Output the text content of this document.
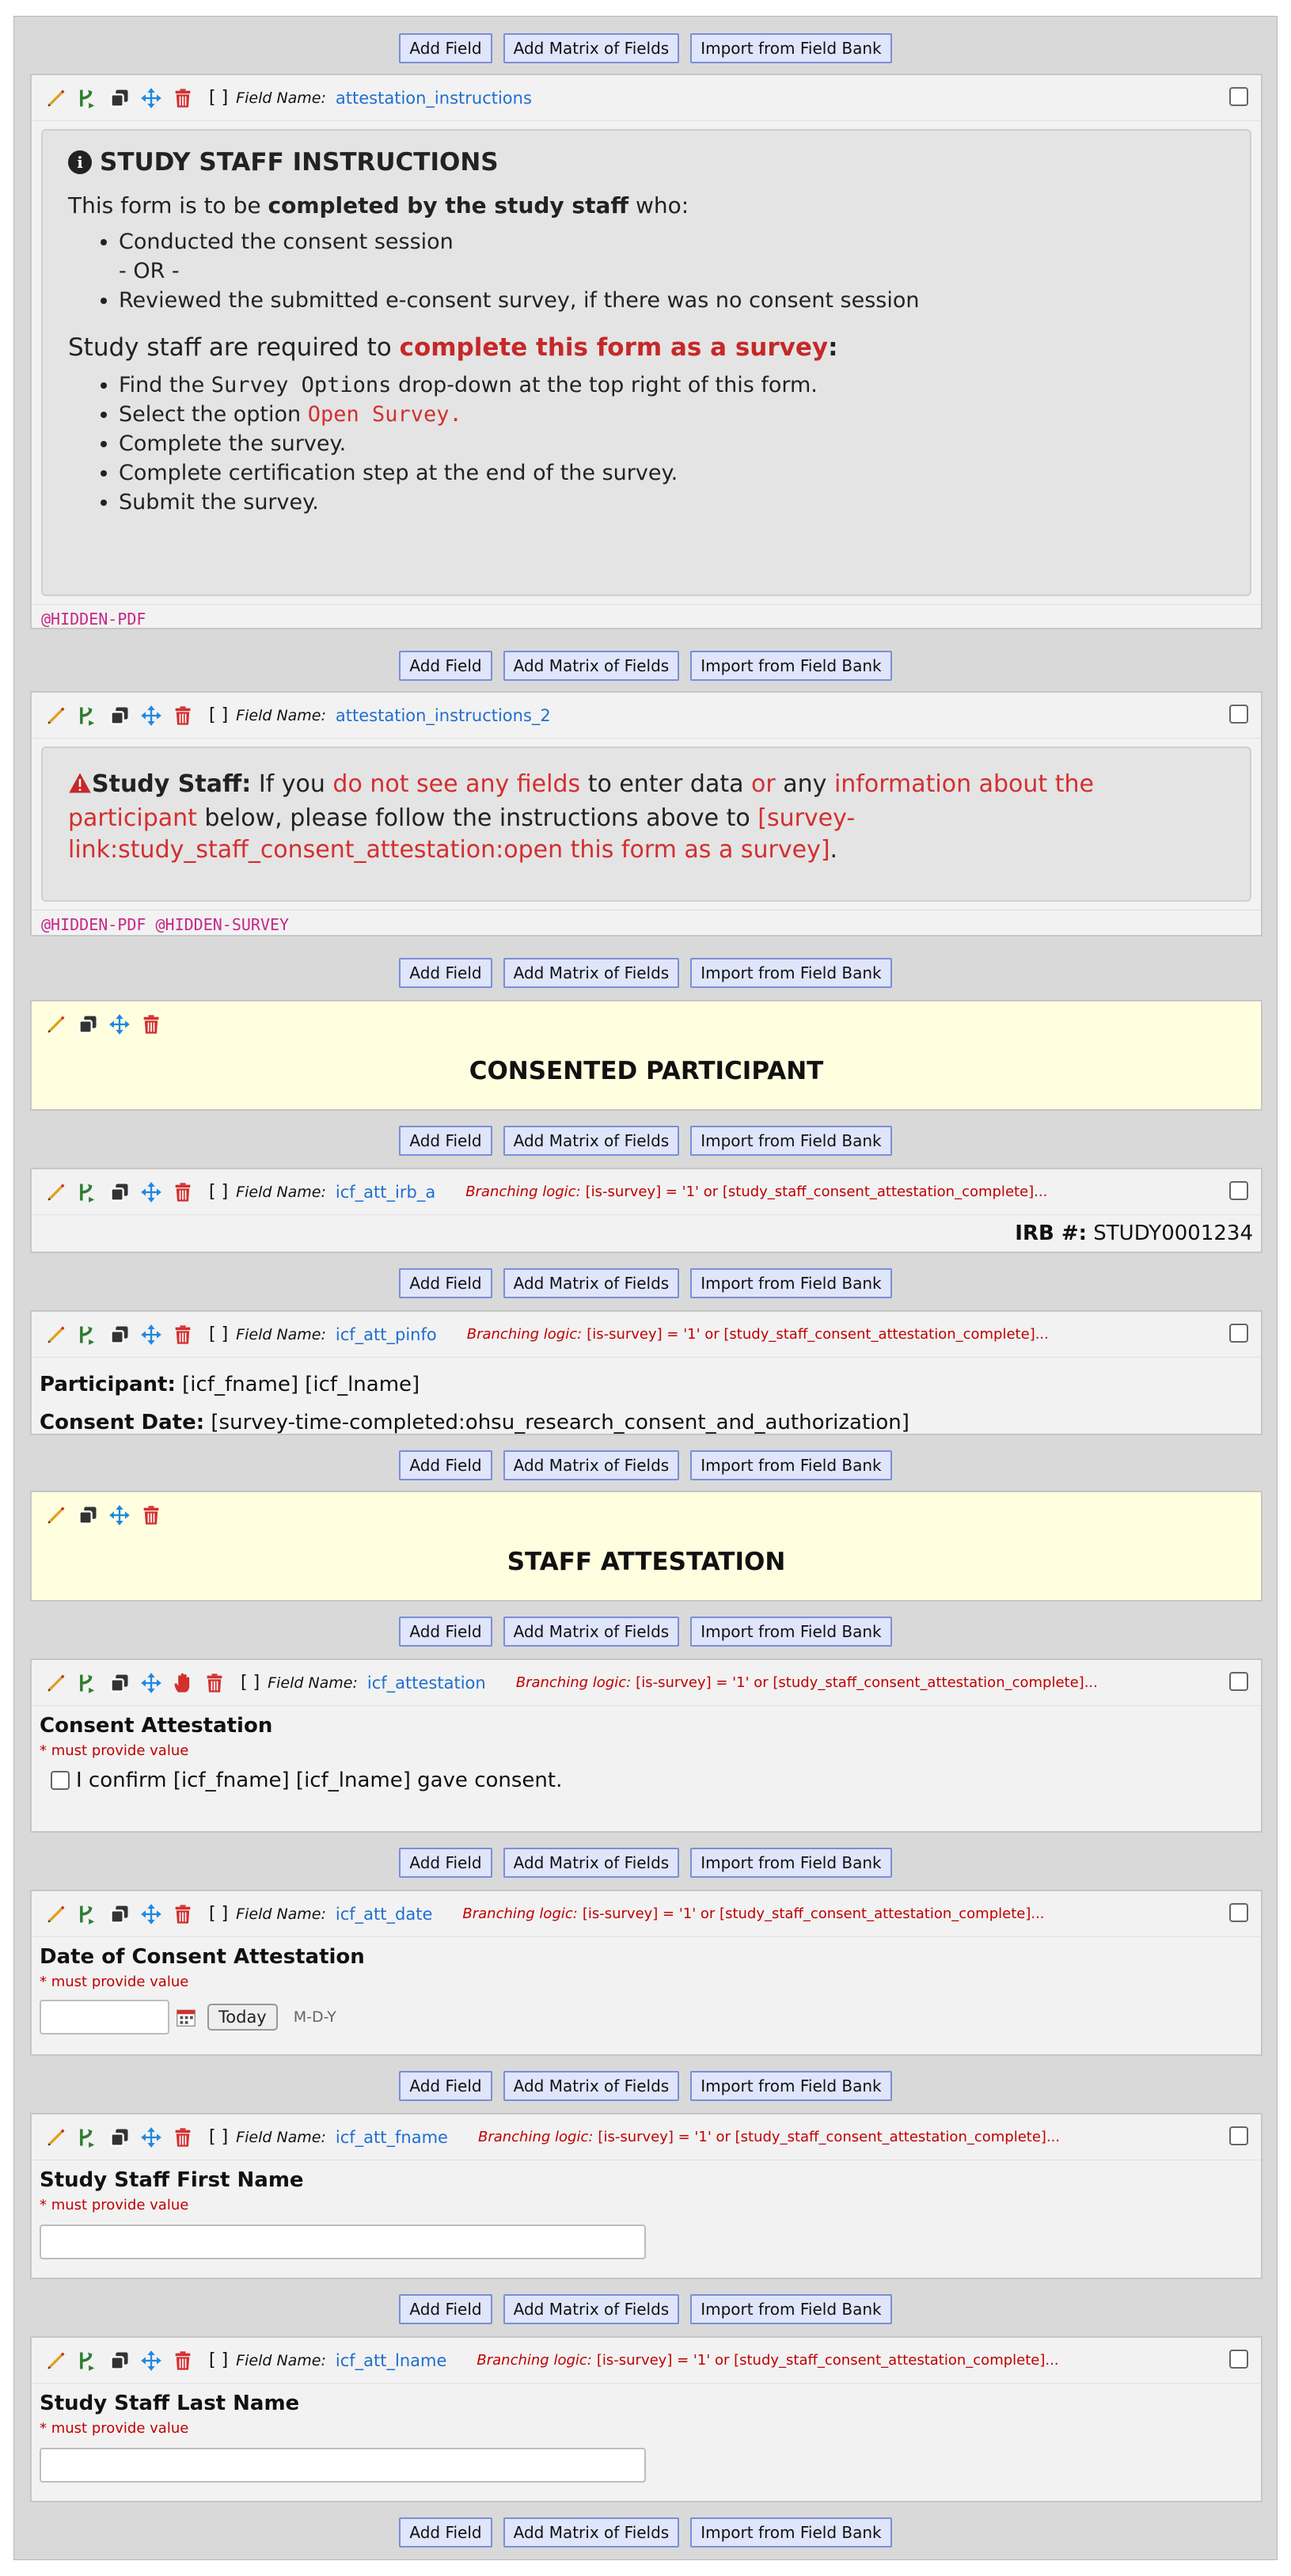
Add Field	Add Matrix of Fields	Import from Field Bank
[ ] Field Name: attestation_instructions
i STUDY STAFF INSTRUCTIONS
This form is to be completed by the study staff who:
• Conducted the consent session
- OR -
• Reviewed the submitted e-consent survey, if there was no consent session
Study staff are required to complete this form as a survey:
• Find the Survey Options drop-down at the top right of this form.
• Select the option Open Survey.
• Complete the survey.
• Complete certification step at the end of the survey.
• Submit the survey.
@HIDDEN-PDF
Add Field	Add Matrix of Fields	Import from Field Bank
[ ] Field Name: attestation_instructions_2
Study Staff: If you do not see any fields to enter data or any information about the participant below, please follow the instructions above to [survey-link:study_staff_consent_attestation:open this form as a survey].
@HIDDEN-PDF @HIDDEN-SURVEY
Add Field	Add Matrix of Fields	Import from Field Bank
CONSENTED PARTICIPANT
Add Field	Add Matrix of Fields	Import from Field Bank
[ ] Field Name: icf_att_irb_a Branching logic: [is-survey] = '1' or [study_staff_consent_attestation_complete]...
IRB #: STUDY0001234
Add Field	Add Matrix of Fields	Import from Field Bank
[ ] Field Name: icf_att_pinfo Branching logic: [is-survey] = '1' or [study_staff_consent_attestation_complete]...
Participant: [icf_fname] [icf_lname]
Consent Date: [survey-time-completed:ohsu_research_consent_and_authorization]
Add Field	Add Matrix of Fields	Import from Field Bank
STAFF ATTESTATION
Add Field	Add Matrix of Fields	Import from Field Bank
[ ] Field Name: icf_attestation Branching logic: [is-survey] = '1' or [study_staff_consent_attestation_complete]...
Consent Attestation
* must provide value
I confirm [icf_fname] [icf_lname] gave consent.
Add Field	Add Matrix of Fields	Import from Field Bank
[ ] Field Name: icf_att_date Branching logic: [is-survey] = '1' or [study_staff_consent_attestation_complete]...
Date of Consent Attestation
* must provide value
Today	M-D-Y
Add Field	Add Matrix of Fields	Import from Field Bank
[ ] Field Name: icf_att_fname Branching logic: [is-survey] = '1' or [study_staff_consent_attestation_complete]...
Study Staff First Name
* must provide value
Add Field	Add Matrix of Fields	Import from Field Bank
[ ] Field Name: icf_att_lname Branching logic: [is-survey] = '1' or [study_staff_consent_attestation_complete]...
Study Staff Last Name
* must provide value
Add Field	Add Matrix of Fields	Import from Field Bank
